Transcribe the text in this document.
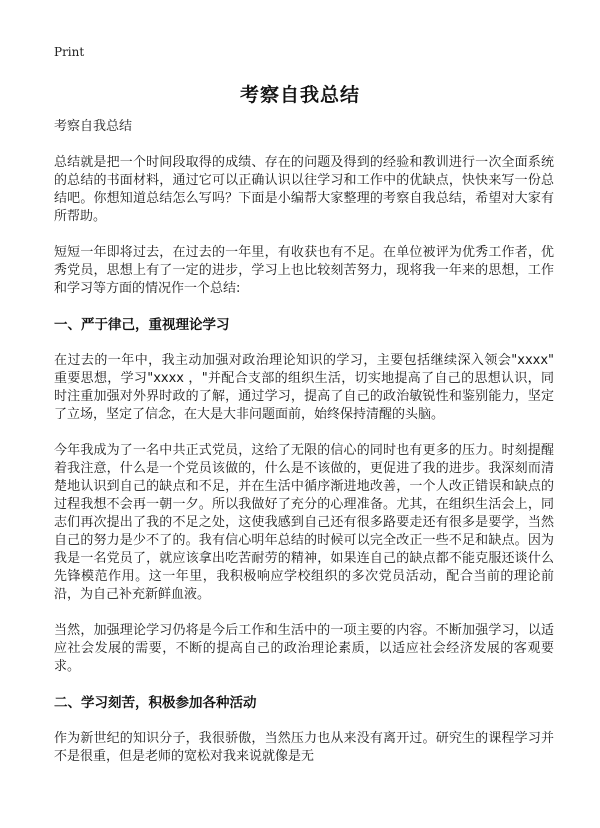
Print
考察自我总结

考察自我总结

总结就是把一个时间段取得的成绩、存在的问题及得到的经验和教训进行一次全面系统的总结的书面材料，通过它可以正确认识以往学习和工作中的优缺点，快快来写一份总结吧。你想知道总结怎么写吗？下面是小编帮大家整理的考察自我总结，希望对大家有所帮助。

短短一年即将过去，在过去的一年里，有收获也有不足。在单位被评为优秀工作者，优秀党员，思想上有了一定的进步，学习上也比较刻苦努力，现将我一年来的思想，工作和学习等方面的情况作一个总结:

一、严于律己，重视理论学习

在过去的一年中，我主动加强对政治理论知识的学习，主要包括继续深入领会"xxxx" 重要思想，学习"xxxx ，"并配合支部的组织生活，切实地提高了自己的思想认识，同时注重加强对外界时政的了解，通过学习，提高了自己的政治敏锐性和鉴别能力，坚定了立场，坚定了信念，在大是大非问题面前，始终保持清醒的头脑。

今年我成为了一名中共正式党员，这给了无限的信心的同时也有更多的压力。时刻提醒着我注意，什么是一个党员该做的，什么是不该做的，更促进了我的进步。我深刻而清楚地认识到自己的缺点和不足，并在生活中循序渐进地改善，一个人改正错误和缺点的过程我想不会再一朝一夕。所以我做好了充分的心理准备。尤其，在组织生活会上，同志们再次提出了我的不足之处，这使我感到自己还有很多路要走还有很多是要学，当然自己的努力是少不了的。我有信心明年总结的时候可以完全改正一些不足和缺点。因为我是一名党员了，就应该拿出吃苦耐劳的精神，如果连自己的缺点都不能克服还谈什么先锋模范作用。这一年里，我积极响应学校组织的多次党员活动，配合当前的理论前沿，为自己补充新鲜血液。

当然，加强理论学习仍将是今后工作和生活中的一项主要的内容。不断加强学习，以适应社会发展的需要，不断的提高自己的政治理论素质，以适应社会经济发展的客观要求。

二、学习刻苦，积极参加各种活动

作为新世纪的知识分子，我很骄傲，当然压力也从来没有离开过。研究生的课程学习并不是很重，但是老师的宽松对我来说就像是无
